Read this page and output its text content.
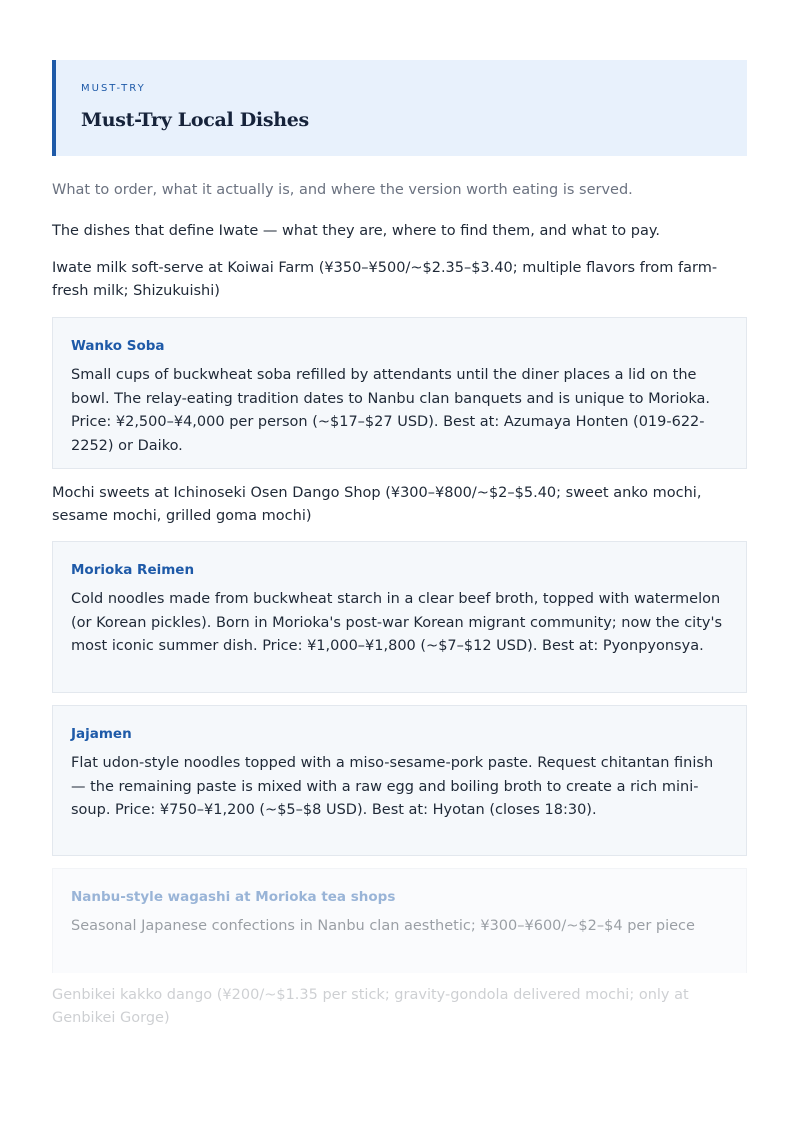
MUST-TRY
Must-Try Local Dishes
What to order, what it actually is, and where the version worth eating is served.
The dishes that define Iwate — what they are, where to find them, and what to pay.
Iwate milk soft-serve at Koiwai Farm (¥350–¥500/~$2.35–$3.40; multiple flavors from farm-fresh milk; Shizukuishi)
Wanko Soba
Small cups of buckwheat soba refilled by attendants until the diner places a lid on the bowl. The relay-eating tradition dates to Nanbu clan banquets and is unique to Morioka. Price: ¥2,500–¥4,000 per person (~$17–$27 USD). Best at: Azumaya Honten (019-622-2252) or Daiko.
Mochi sweets at Ichinoseki Osen Dango Shop (¥300–¥800/~$2–$5.40; sweet anko mochi, sesame mochi, grilled goma mochi)
Morioka Reimen
Cold noodles made from buckwheat starch in a clear beef broth, topped with watermelon (or Korean pickles). Born in Morioka's post-war Korean migrant community; now the city's most iconic summer dish. Price: ¥1,000–¥1,800 (~$7–$12 USD). Best at: Pyonpyonsya.
Jajamen
Flat udon-style noodles topped with a miso-sesame-pork paste. Request chitantan finish — the remaining paste is mixed with a raw egg and boiling broth to create a rich mini-soup. Price: ¥750–¥1,200 (~$5–$8 USD). Best at: Hyotan (closes 18:30).
Nanbu-style wagashi at Morioka tea shops
Seasonal Japanese confections in Nanbu clan aesthetic; ¥300–¥600/~$2–$4 per piece
Genbikei kakko dango (¥200/~$1.35 per stick; gravity-gondola delivered mochi; only at Genbikei Gorge)
